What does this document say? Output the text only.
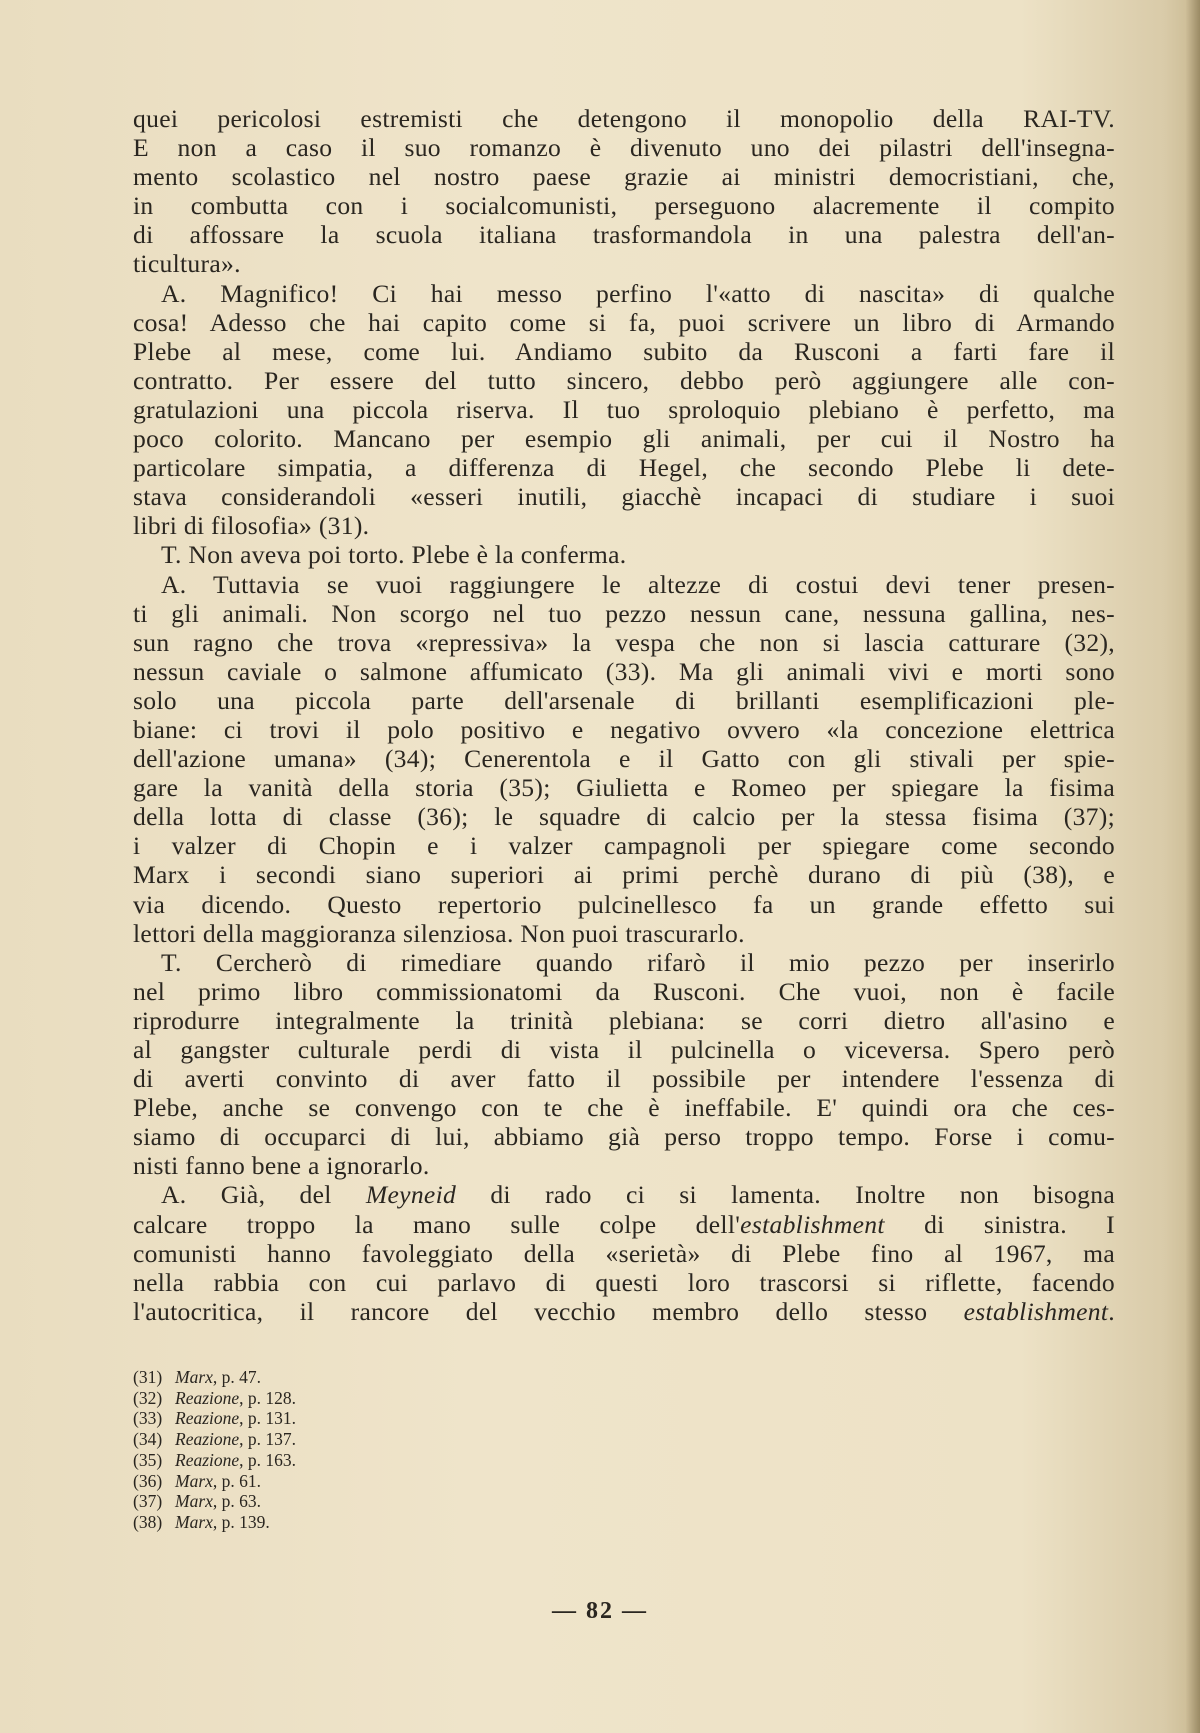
quei pericolosi estremisti che detengono il monopolio della RAI-TV.
E non a caso il suo romanzo è divenuto uno dei pilastri dell'insegna-
mento scolastico nel nostro paese grazie ai ministri democristiani, che,
in combutta con i socialcomunisti, perseguono alacremente il compito
di affossare la scuola italiana trasformandola in una palestra dell'an-
ticultura».
A. Magnifico! Ci hai messo perfino l'«atto di nascita» di qualche
cosa! Adesso che hai capito come si fa, puoi scrivere un libro di Armando
Plebe al mese, come lui. Andiamo subito da Rusconi a farti fare il
contratto. Per essere del tutto sincero, debbo però aggiungere alle con-
gratulazioni una piccola riserva. Il tuo sproloquio plebiano è perfetto, ma
poco colorito. Mancano per esempio gli animali, per cui il Nostro ha
particolare simpatia, a differenza di Hegel, che secondo Plebe li dete-
stava considerandoli «esseri inutili, giacchè incapaci di studiare i suoi
libri di filosofia» (31).
T. Non aveva poi torto. Plebe è la conferma.
A. Tuttavia se vuoi raggiungere le altezze di costui devi tener presen-
ti gli animali. Non scorgo nel tuo pezzo nessun cane, nessuna gallina, nes-
sun ragno che trova «repressiva» la vespa che non si lascia catturare (32),
nessun caviale o salmone affumicato (33). Ma gli animali vivi e morti sono
solo una piccola parte dell'arsenale di brillanti esemplificazioni ple-
biane: ci trovi il polo positivo e negativo ovvero «la concezione elettrica
dell'azione umana» (34); Cenerentola e il Gatto con gli stivali per spie-
gare la vanità della storia (35); Giulietta e Romeo per spiegare la fisima
della lotta di classe (36); le squadre di calcio per la stessa fisima (37);
i valzer di Chopin e i valzer campagnoli per spiegare come secondo
Marx i secondi siano superiori ai primi perchè durano di più (38), e
via dicendo. Questo repertorio pulcinellesco fa un grande effetto sui
lettori della maggioranza silenziosa. Non puoi trascurarlo.
T. Cercherò di rimediare quando rifarò il mio pezzo per inserirlo
nel primo libro commissionatomi da Rusconi. Che vuoi, non è facile
riprodurre integralmente la trinità plebiana: se corri dietro all'asino e
al gangster culturale perdi di vista il pulcinella o viceversa. Spero però
di averti convinto di aver fatto il possibile per intendere l'essenza di
Plebe, anche se convengo con te che è ineffabile. E' quindi ora che ces-
siamo di occuparci di lui, abbiamo già perso troppo tempo. Forse i comu-
nisti fanno bene a ignorarlo.
A. Già, del Meyneid di rado ci si lamenta. Inoltre non bisogna
calcare troppo la mano sulle colpe dell'establishment di sinistra. I
comunisti hanno favoleggiato della «serietà» di Plebe fino al 1967, ma
nella rabbia con cui parlavo di questi loro trascorsi si riflette, facendo
l'autocritica, il rancore del vecchio membro dello stesso establishment.
(31) Marx, p. 47.
(32) Reazione, p. 128.
(33) Reazione, p. 131.
(34) Reazione, p. 137.
(35) Reazione, p. 163.
(36) Marx, p. 61.
(37) Marx, p. 63.
(38) Marx, p. 139.
— 82 —
